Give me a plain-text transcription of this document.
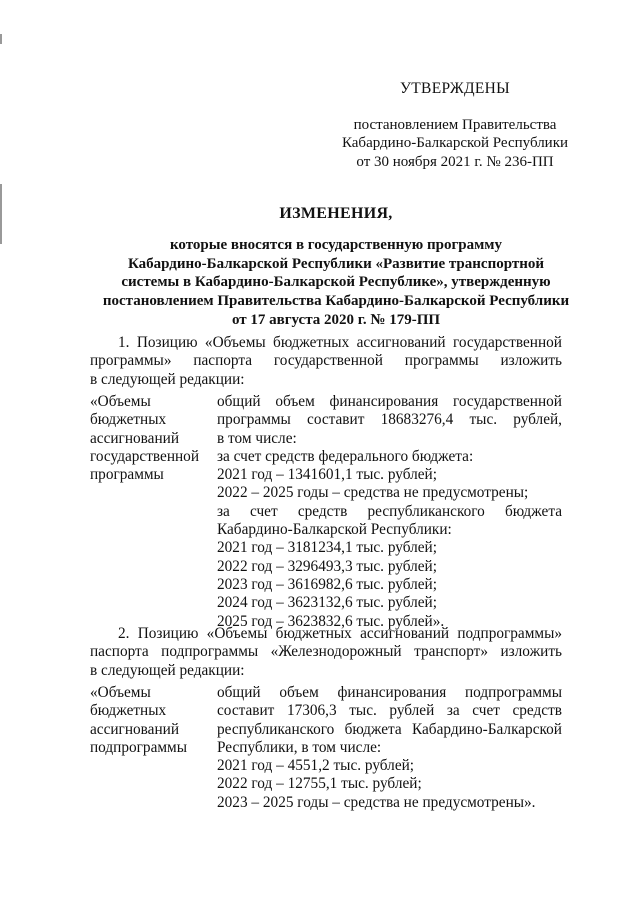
УТВЕРЖДЕНЫ
постановлением Правительства
Кабардино-Балкарской Республики
от 30 ноября 2021 г. № 236-ПП
ИЗМЕНЕНИЯ,
которые вносятся в государственную программу
Кабардино-Балкарской Республики «Развитие транспортной
системы в Кабардино-Балкарской Республике», утвержденную
постановлением Правительства Кабардино-Балкарской Республики
от 17 августа 2020 г. № 179-ПП
1. Позицию «Объемы бюджетных ассигнований государственной
программы» паспорта государственной программы изложить
в следующей редакции:
«Объемы
бюджетных
ассигнований
государственной
программы
общий объем финансирования государственной
программы составит 18683276,4 тыс. рублей,
в том числе:
за счет средств федерального бюджета:
2021 год – 1341601,1 тыс. рублей;
2022 – 2025 годы – средства не предусмотрены;
за счет средств республиканского бюджета
Кабардино-Балкарской Республики:
2021 год – 3181234,1 тыс. рублей;
2022 год – 3296493,3 тыс. рублей;
2023 год – 3616982,6 тыс. рублей;
2024 год – 3623132,6 тыс. рублей;
2025 год – 3623832,6 тыс. рублей».
2. Позицию «Объемы бюджетных ассигнований подпрограммы»
паспорта подпрограммы «Железнодорожный транспорт» изложить
в следующей редакции:
«Объемы
бюджетных
ассигнований
подпрограммы
общий объем финансирования подпрограммы
составит 17306,3 тыс. рублей за счет средств
республиканского бюджета Кабардино-Балкарской
Республики, в том числе:
2021 год – 4551,2 тыс. рублей;
2022 год – 12755,1 тыс. рублей;
2023 – 2025 годы – средства не предусмотрены».
